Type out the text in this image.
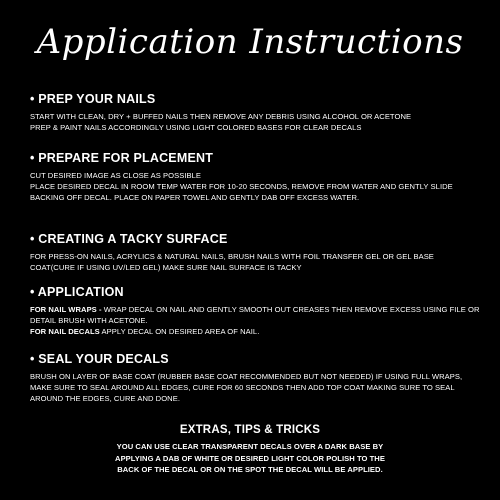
Application Instructions
• PREP YOUR NAILS

START WITH CLEAN, DRY + BUFFED NAILS THEN REMOVE ANY DEBRIS USING ALCOHOL OR ACETONE
PREP & PAINT NAILS ACCORDINGLY USING LIGHT COLORED BASES FOR CLEAR DECALS

• PREPARE FOR PLACEMENT

CUT DESIRED IMAGE AS CLOSE AS POSSIBLE
PLACE DESIRED DECAL IN ROOM TEMP WATER FOR 10-20 SECONDS, REMOVE FROM WATER AND GENTLY SLIDE BACKING OFF DECAL. PLACE ON PAPER TOWEL AND GENTLY DAB OFF EXCESS WATER.

• CREATING A TACKY SURFACE

FOR PRESS-ON NAILS, ACRYLICS & NATURAL NAILS, BRUSH NAILS WITH FOIL TRANSFER GEL OR GEL BASE COAT(CURE IF USING UV/LED GEL) MAKE SURE NAIL SURFACE IS TACKY

• APPLICATION

FOR NAIL WRAPS - WRAP DECAL ON NAIL AND GENTLY SMOOTH OUT CREASES THEN REMOVE EXCESS USING FILE OR DETAIL BRUSH WITH ACETONE.
FOR NAIL DECALS APPLY DECAL ON DESIRED AREA OF NAIL.

• SEAL YOUR DECALS

BRUSH ON LAYER OF BASE COAT (RUBBER BASE COAT RECOMMENDED BUT NOT NEEDED) IF USING FULL WRAPS, MAKE SURE TO SEAL AROUND ALL EDGES, CURE FOR 60 SECONDS THEN ADD TOP COAT MAKING SURE TO SEAL AROUND THE EDGES, CURE AND DONE.

EXTRAS, TIPS & TRICKS

YOU CAN USE CLEAR TRANSPARENT DECALS OVER A DARK BASE BY
APPLYING A DAB OF WHITE OR DESIRED LIGHT COLOR POLISH TO THE
BACK OF THE DECAL OR ON THE SPOT THE DECAL WILL BE APPLIED.
